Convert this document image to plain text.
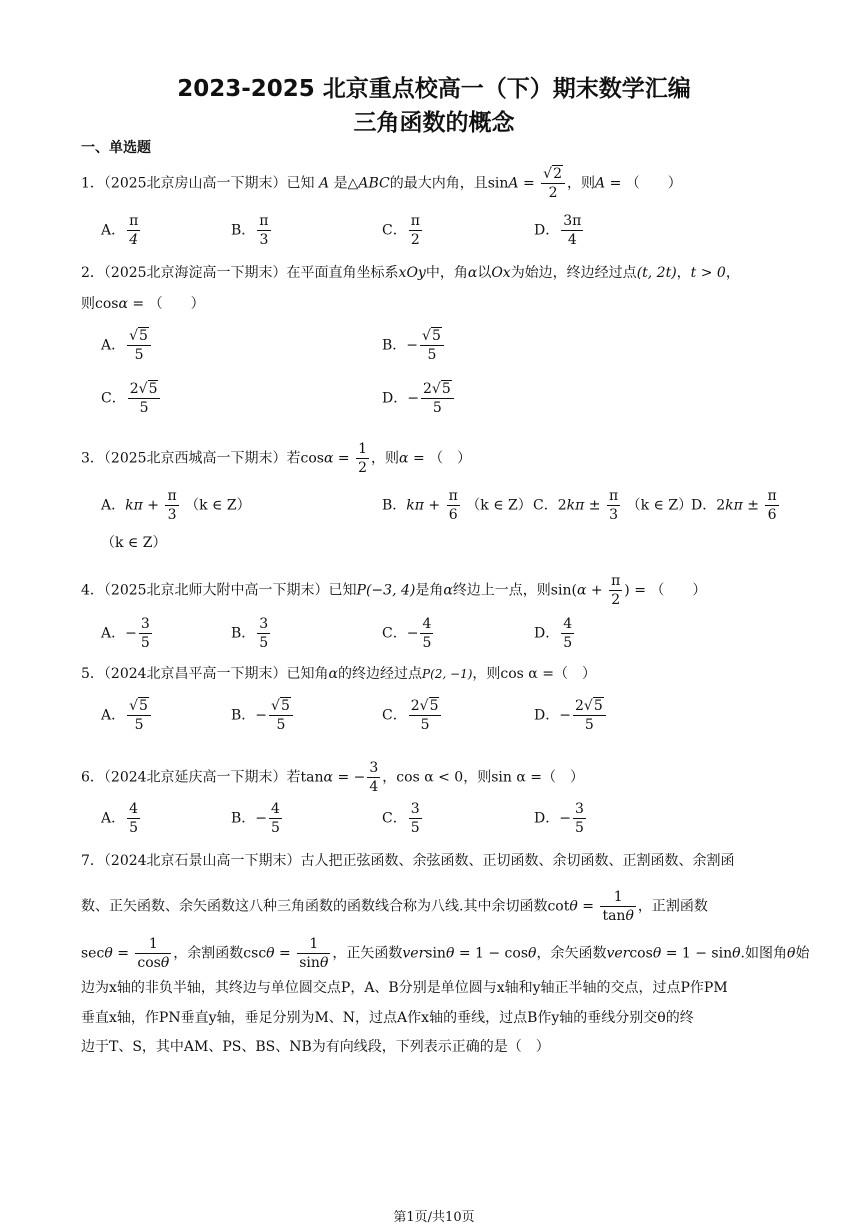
2023-2025 北京重点校高一（下）期末数学汇编
三角函数的概念
一、单选题
1．（2025北京房山高一下期末）已知 A 是△ABC的最大内角，且$\sin A = \frac{√2}{2}$ ，则A = （　　）
A． $\frac{\pi}{4}$	B． $\frac{\pi}{3}$	C． $\frac{\pi}{2}$	D． $\frac{3\pi}{4}$
2．（2025北京海淀高一下期末）在平面直角坐标系xOy中，角α以Ox为始边，终边经过点(t, 2t)，t > 0，
则cosα = （　　）
A． $\frac{√5}{5}$	B．− $\frac{√5}{5}$
C． $\frac{2√5}{5}$	D．− $\frac{2√5}{5}$
3．（2025北京西城高一下期末）若$\cos\alpha = \frac{1}{2}$ ，则α = （　）
A．$k\pi + \frac{\pi}{3} (k$ ∈ Z）	B．$k\pi + \frac{\pi}{6} (k$ ∈ Z） C．$2k\pi \pm \frac{\pi}{3} (k$ ∈ Z）
D．$2k\pi \pm \frac{\pi}{6}$
（k ∈ Z）
4．（2025北京北师大附中高一下期末）已知P(−3, 4)是角α终边上一点，则$\sin(\alpha + \frac{\pi}{2}$ ) = （　　）
A．− $\frac{3}{5}$	B． $\frac{3}{5}$	C．− $\frac{4}{5}$	D． $\frac{4}{5}$
5．（2024北京昌平高一下期末）已知角α的终边经过点P(2, −1)，则cos α =（　）
A． $\frac{√5}{5}$	B．− $\frac{√5}{5}$	C． $\frac{2√5}{5}$	D．− $\frac{2√5}{5}$
6．（2024北京延庆高一下期末）若tanα = − $\frac{3}{4}$ ，cos α < 0，则sin α =（　）
A． $\frac{4}{5}$	B．− $\frac{4}{5}$	C． $\frac{3}{5}$	D．− $\frac{3}{5}$
7．（2024北京石景山高一下期末）古人把正弦函数、余弦函数、正切函数、余切函数、正割函数、余割函
数、正矢函数、余矢函数这八种三角函数的函数线合称为八线.其中余切函数$\cot\theta = \frac{1}{\tan\theta}$ ，正割函数
$\sec\theta = \frac{1}{\cos\theta}$ ，余割函数$\csc\theta = \frac{1}{\sin\theta}$ ，正矢函数versinθ = 1 − cosθ，余矢函数vercosθ = 1 − sinθ.如图角θ始
边为x轴的非负半轴，其终边与单位圆交点P，A、B分别是单位圆与x轴和y轴正半轴的交点，过点P作PM
垂直x轴，作PN垂直y轴，垂足分别为M、N，过点A作x轴的垂线，过点B作y轴的垂线分别交θ的终
边于T、S，其中AM、PS、BS、NB为有向线段，下列表示正确的是（　）
第1页/共10页
